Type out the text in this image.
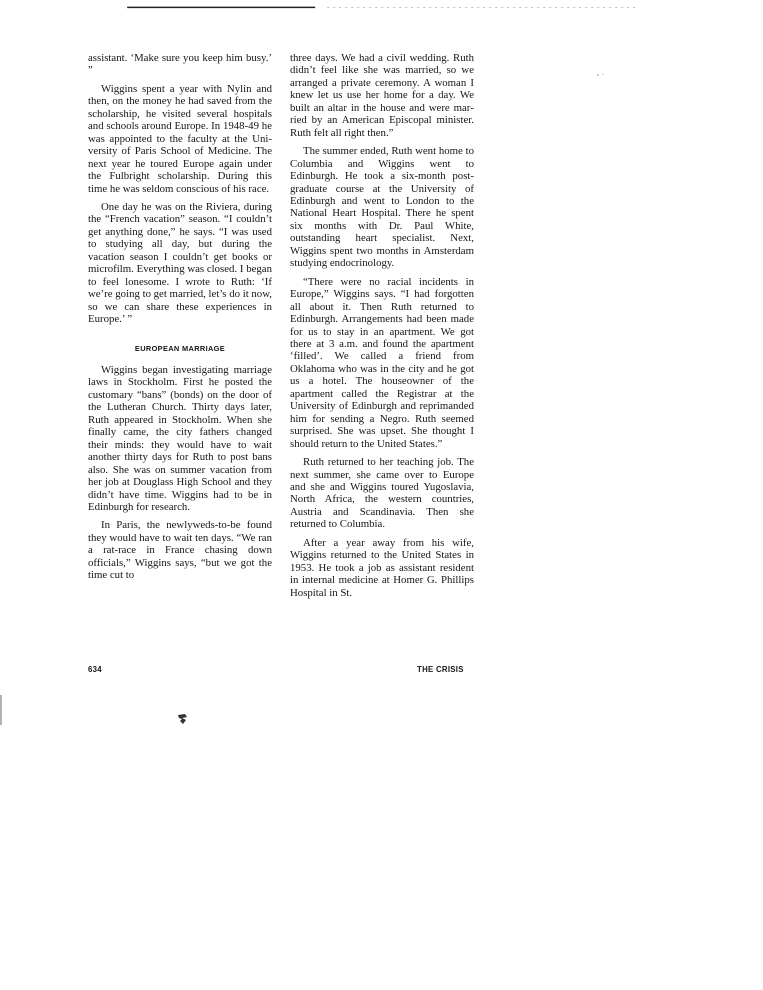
assistant. ‘Make sure you keep him busy.’ ”

Wiggins spent a year with Nylin and then, on the money he had saved from the scholarship, he visited several hospitals and schools around Europe. In 1948-49 he was appointed to the faculty at the University of Paris School of Medicine. The next year he toured Europe again under the Fulbright scholarship. During this time he was seldom conscious of his race.

One day he was on the Riviera, during the “French vacation” season. “I couldn’t get anything done,” he says. “I was used to studying all day, but during the vacation season I couldn’t get books or microfilm. Everything was closed. I began to feel lonesome. I wrote to Ruth: ‘If we’re going to get married, let’s do it now, so we can share these experiences in Europe.’ ”

EUROPEAN MARRIAGE

Wiggins began investigating marriage laws in Stockholm. First he posted the customary “bans” (bonds) on the door of the Lutheran Church. Thirty days later, Ruth appeared in Stockholm. When she finally came, the city fathers changed their minds: they would have to wait another thirty days for Ruth to post bans also. She was on summer vacation from her job at Douglass High School and they didn’t have time. Wiggins had to be in Edinburgh for research.

In Paris, the newlyweds-to-be found they would have to wait ten days. “We ran a rat-race in France chasing down officials,” Wiggins says, “but we got the time cut to

three days. We had a civil wedding. Ruth didn’t feel like she was married, so we arranged a private ceremony. A woman I knew let us use her home for a day. We built an altar in the house and were married by an American Episcopal minister. Ruth felt all right then.”

The summer ended, Ruth went home to Columbia and Wiggins went to Edinburgh. He took a six-month post-graduate course at the University of Edinburgh and went to London to the National Heart Hospital. There he spent six months with Dr. Paul White, outstanding heart specialist. Next, Wiggins spent two months in Amsterdam studying endocrinology.

“There were no racial incidents in Europe,” Wiggins says. “I had forgotten all about it. Then Ruth returned to Edinburgh. Arrangements had been made for us to stay in an apartment. We got there at 3 a.m. and found the apartment ‘filled’. We called a friend from Oklahoma who was in the city and he got us a hotel. The houseowner of the apartment called the Registrar at the University of Edinburgh and reprimanded him for sending a Negro. Ruth seemed surprised. She was upset. She thought I should return to the United States.”

Ruth returned to her teaching job. The next summer, she came over to Europe and she and Wiggins toured Yugoslavia, North Africa, the western countries, Austria and Scandinavia. Then she returned to Columbia.

After a year away from his wife, Wiggins returned to the United States in 1953. He took a job as assistant resident in internal medicine at Homer G. Phillips Hospital in St.

634	THE CRISIS
